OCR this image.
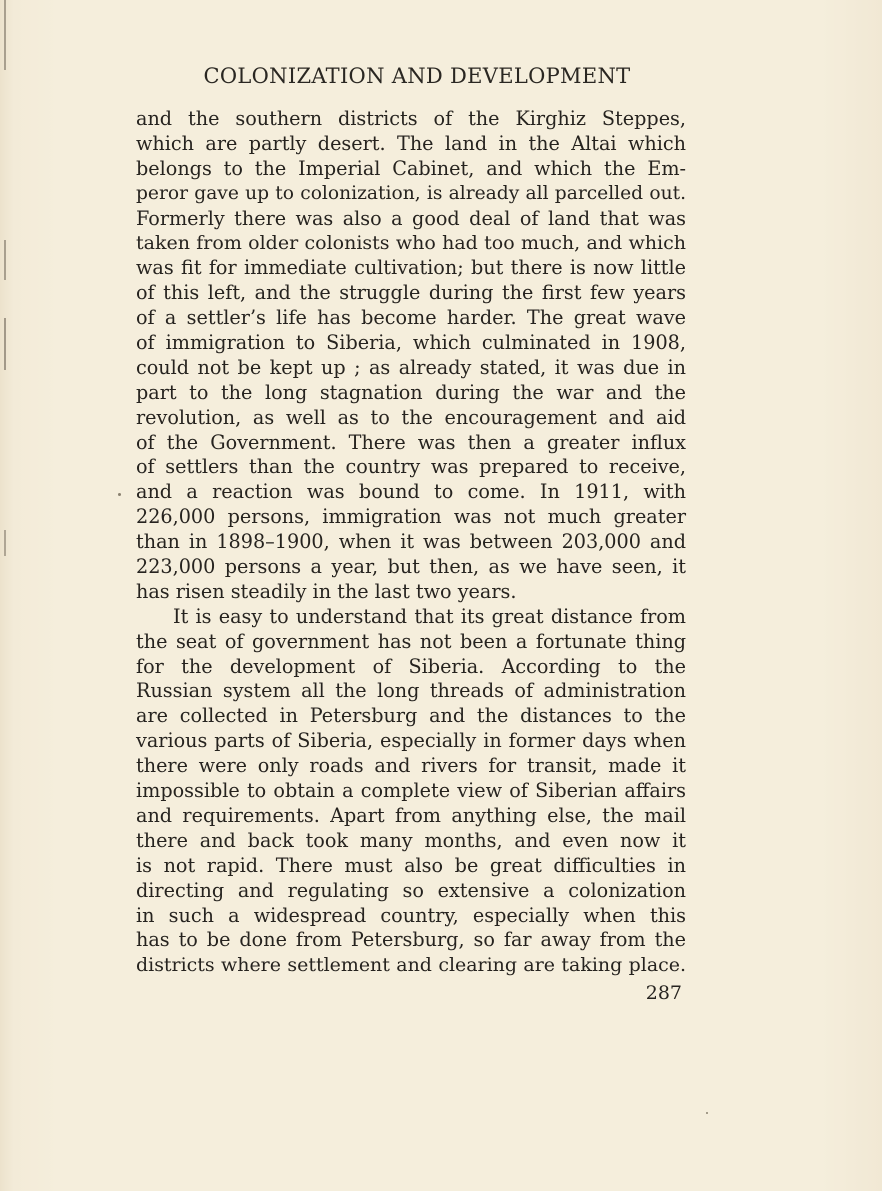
COLONIZATION AND DEVELOPMENT
and the southern districts of the Kirghiz Steppes,
which are partly desert. The land in the Altai which
belongs to the Imperial Cabinet, and which the Em-
peror gave up to colonization, is already all parcelled out.
Formerly there was also a good deal of land that was
taken from older colonists who had too much, and which
was fit for immediate cultivation; but there is now little
of this left, and the struggle during the first few years
of a settler’s life has become harder. The great wave
of immigration to Siberia, which culminated in 1908,
could not be kept up ; as already stated, it was due in
part to the long stagnation during the war and the
revolution, as well as to the encouragement and aid
of the Government. There was then a greater influx
of settlers than the country was prepared to receive,
and a reaction was bound to come. In 1911, with
226,000 persons, immigration was not much greater
than in 1898–1900, when it was between 203,000 and
223,000 persons a year, but then, as we have seen, it
has risen steadily in the last two years.
It is easy to understand that its great distance from
the seat of government has not been a fortunate thing
for the development of Siberia. According to the
Russian system all the long threads of administration
are collected in Petersburg and the distances to the
various parts of Siberia, especially in former days when
there were only roads and rivers for transit, made it
impossible to obtain a complete view of Siberian affairs
and requirements. Apart from anything else, the mail
there and back took many months, and even now it
is not rapid. There must also be great difficulties in
directing and regulating so extensive a colonization
in such a widespread country, especially when this
has to be done from Petersburg, so far away from the
districts where settlement and clearing are taking place.
287
